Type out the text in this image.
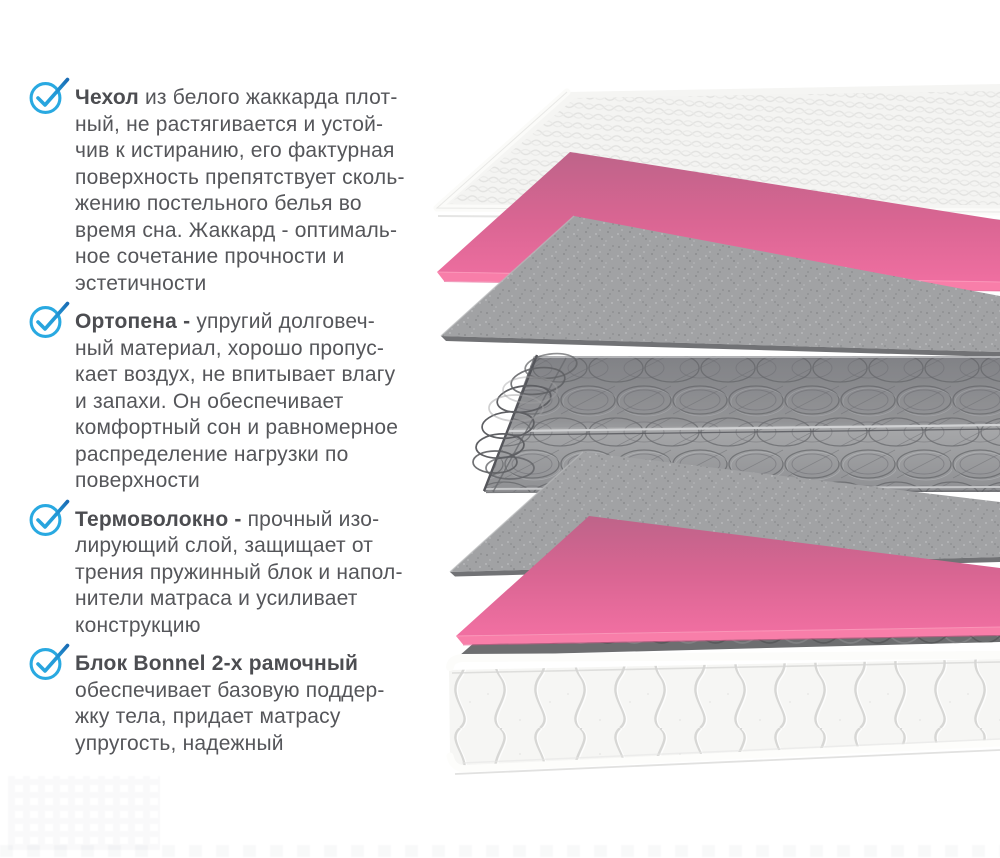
Чехол из белого жаккарда плот-
ный, не растягивается и устой-
чив к истиранию, его фактурная
поверхность препятствует сколь-
жению постельного белья во
время сна. Жаккард - оптималь-
ное сочетание прочности и
эстетичности
Ортопена - упругий долговеч-
ный материал, хорошо пропус-
кает воздух, не впитывает влагу
и запахи. Он обеспечивает
комфортный сон и равномерное
распределение нагрузки по
поверхности
Термоволокно - прочный изо-
лирующий слой, защищает от
трения пружинный блок и напол-
нители матраса и усиливает
конструкцию
Блок Bonnel 2-х рамочный
обеспечивает базовую поддер-
жку тела, придает матрасу
упругость, надежный
